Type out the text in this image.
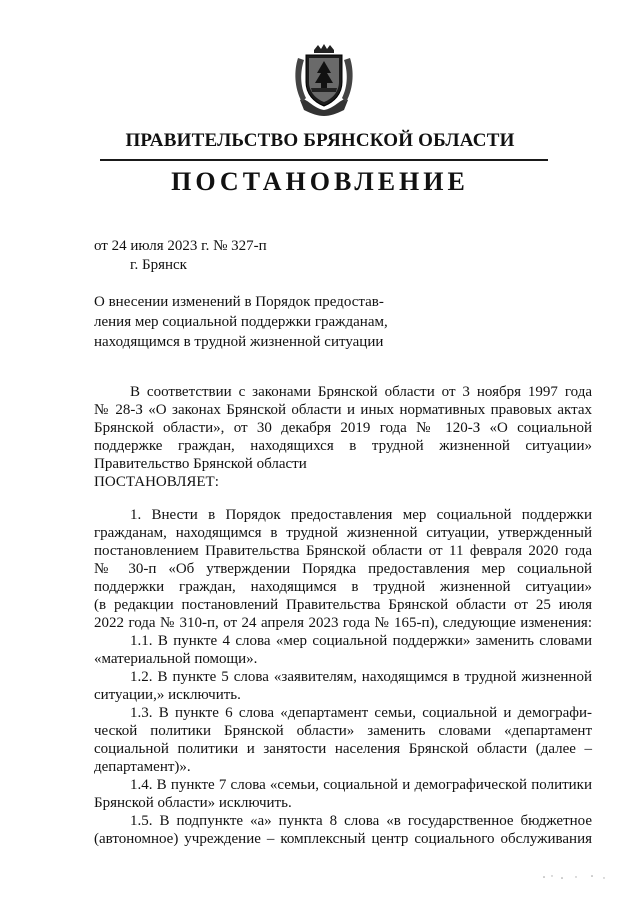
ПРАВИТЕЛЬСТВО БРЯНСКОЙ ОБЛАСТИ
ПОСТАНОВЛЕНИЕ
от 24 июля 2023 г. № 327-п
г. Брянск
О внесении изменений в Порядок предостав-
ления мер социальной поддержки гражданам,
находящимся в трудной жизненной ситуации
В соответствии с законами Брянской области от 3 ноября 1997 года
№ 28-З «О законах Брянской области и иных нормативных правовых актах
Брянской области», от 30 декабря 2019 года № 120-З «О социальной
поддержке граждан, находящихся в трудной жизненной ситуации»
Правительство Брянской области
ПОСТАНОВЛЯЕТ:
1. Внести в Порядок предоставления мер социальной поддержки
гражданам, находящимся в трудной жизненной ситуации, утвержденный
постановлением Правительства Брянской области от 11 февраля 2020 года
№ 30-п «Об утверждении Порядка предоставления мер социальной
поддержки граждан, находящимся в трудной жизненной ситуации»
(в редакции постановлений Правительства Брянской области от 25 июля
2022 года № 310-п, от 24 апреля 2023 года № 165-п), следующие изменения:
1.1. В пункте 4 слова «мер социальной поддержки» заменить словами
«материальной помощи».
1.2. В пункте 5 слова «заявителям, находящимся в трудной жизненной
ситуации,» исключить.
1.3. В пункте 6 слова «департамент семьи, социальной и демографи-
ческой политики Брянской области» заменить словами «департамент
социальной политики и занятости населения Брянской области (далее –
департамент)».
1.4. В пункте 7 слова «семьи, социальной и демографической политики
Брянской области» исключить.
1.5. В подпункте «а» пункта 8 слова «в государственное бюджетное
(автономное) учреждение – комплексный центр социального обслуживания
